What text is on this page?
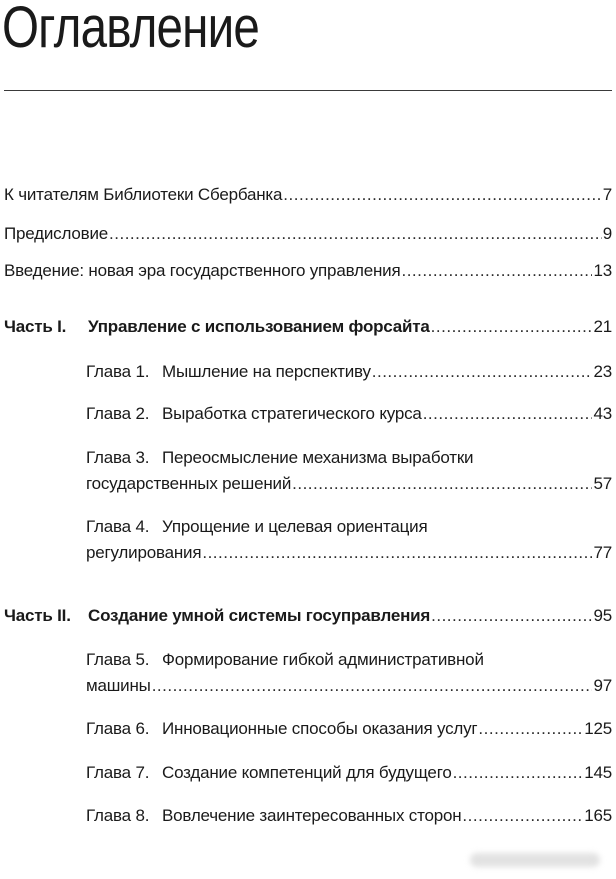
Оглавление
К читателям Библиотеки Сбербанка .....	7
Предисловие .....	9
Введение: новая эра государственного управления .....	13
Часть I. Управление с использованием форсайта .....	21
Глава 1. Мышление на перспективу .....	23
Глава 2. Выработка стратегического курса .....	43
Глава 3. Переосмысление механизма выработки
государственных решений .....	57
Глава 4. Упрощение и целевая ориентация
регулирования .....	77
Часть II. Создание умной системы госуправления .....	95
Глава 5. Формирование гибкой административной
машины .....	97
Глава 6. Инновационные способы оказания услуг .....	125
Глава 7. Создание компетенций для будущего .....	145
Глава 8. Вовлечение заинтересованных сторон .....	165
